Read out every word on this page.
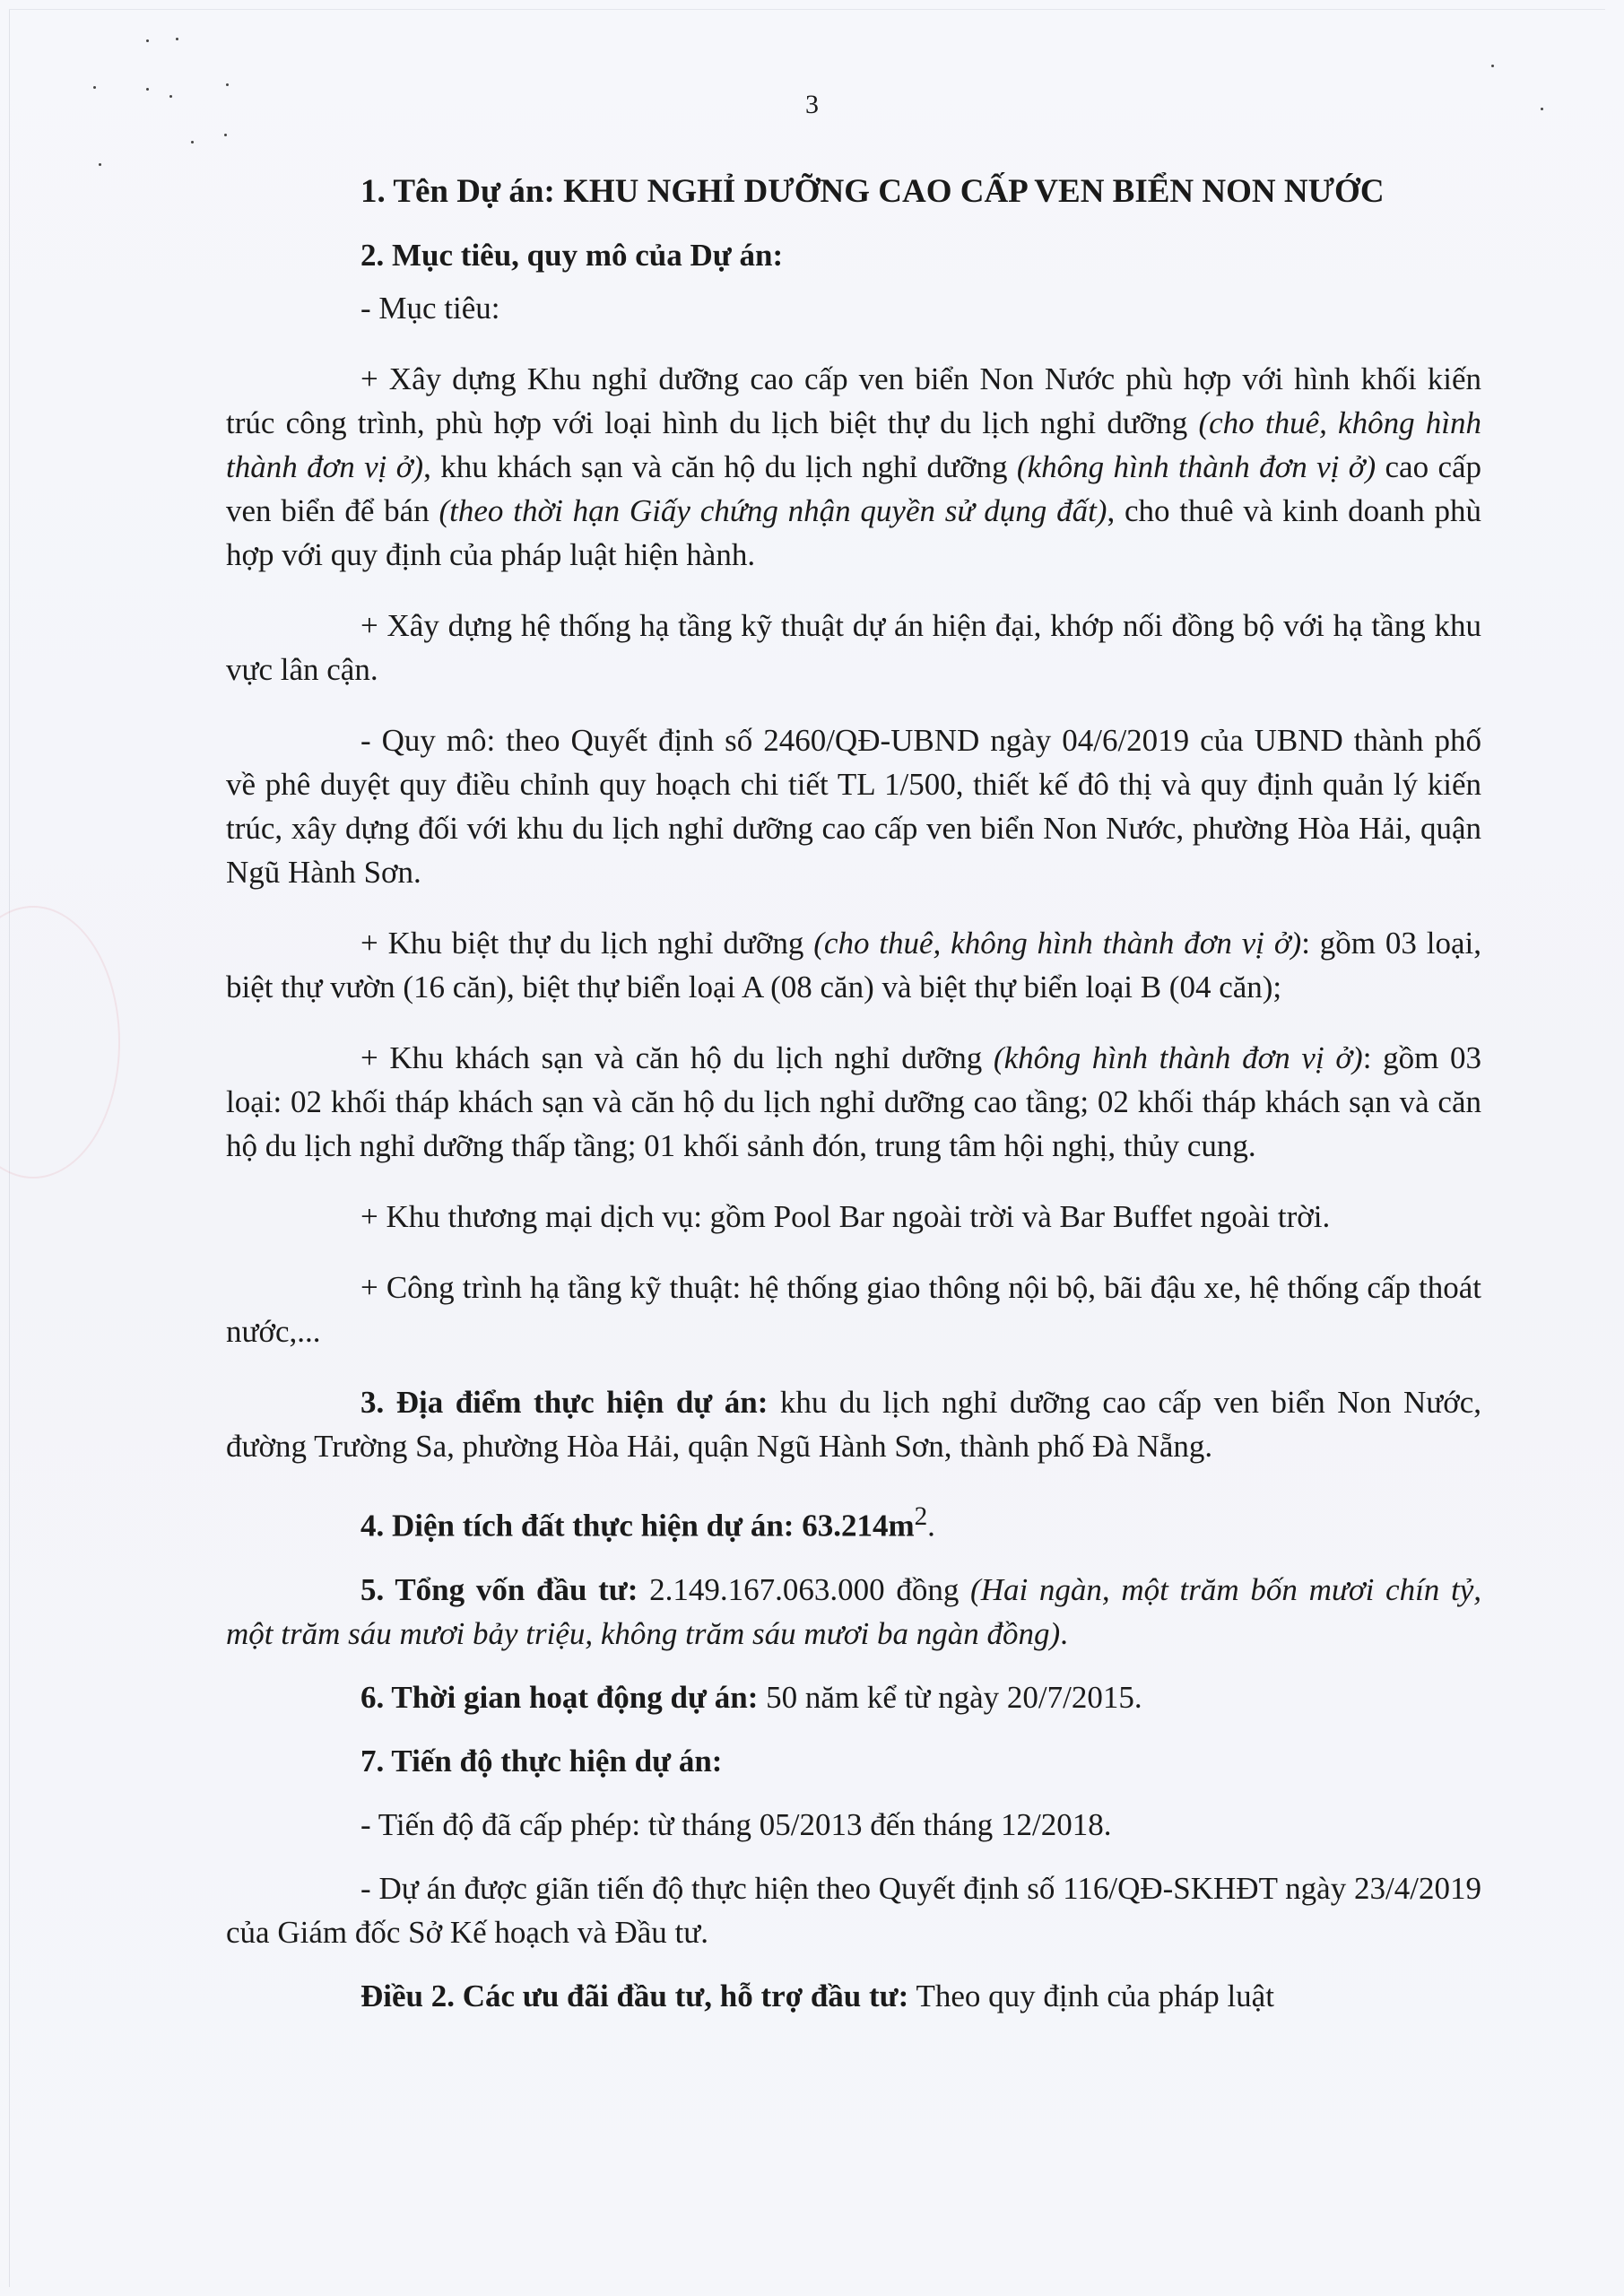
3

1. Tên Dự án: KHU NGHỈ DƯỠNG CAO CẤP VEN BIỂN NON NƯỚC

2. Mục tiêu, quy mô của Dự án:

- Mục tiêu:

+ Xây dựng Khu nghỉ dưỡng cao cấp ven biển Non Nước phù hợp với hình khối kiến trúc công trình, phù hợp với loại hình du lịch biệt thự du lịch nghỉ dưỡng (cho thuê, không hình thành đơn vị ở), khu khách sạn và căn hộ du lịch nghỉ dưỡng (không hình thành đơn vị ở) cao cấp ven biển để bán (theo thời hạn Giấy chứng nhận quyền sử dụng đất), cho thuê và kinh doanh phù hợp với quy định của pháp luật hiện hành.

+ Xây dựng hệ thống hạ tầng kỹ thuật dự án hiện đại, khớp nối đồng bộ với hạ tầng khu vực lân cận.

- Quy mô: theo Quyết định số 2460/QĐ-UBND ngày 04/6/2019 của UBND thành phố về phê duyệt quy điều chỉnh quy hoạch chi tiết TL 1/500, thiết kế đô thị và quy định quản lý kiến trúc, xây dựng đối với khu du lịch nghỉ dưỡng cao cấp ven biển Non Nước, phường Hòa Hải, quận Ngũ Hành Sơn.

+ Khu biệt thự du lịch nghỉ dưỡng (cho thuê, không hình thành đơn vị ở): gồm 03 loại, biệt thự vườn (16 căn), biệt thự biển loại A (08 căn) và biệt thự biển loại B (04 căn);

+ Khu khách sạn và căn hộ du lịch nghỉ dưỡng (không hình thành đơn vị ở): gồm 03 loại: 02 khối tháp khách sạn và căn hộ du lịch nghỉ dưỡng cao tầng; 02 khối tháp khách sạn và căn hộ du lịch nghỉ dưỡng thấp tầng; 01 khối sảnh đón, trung tâm hội nghị, thủy cung.

+ Khu thương mại dịch vụ: gồm Pool Bar ngoài trời và Bar Buffet ngoài trời.

+ Công trình hạ tầng kỹ thuật: hệ thống giao thông nội bộ, bãi đậu xe, hệ thống cấp thoát nước,...

3. Địa điểm thực hiện dự án: khu du lịch nghỉ dưỡng cao cấp ven biển Non Nước, đường Trường Sa, phường Hòa Hải, quận Ngũ Hành Sơn, thành phố Đà Nẵng.

4. Diện tích đất thực hiện dự án: $63.214m^2$.

5. Tổng vốn đầu tư: 2.149.167.063.000 đồng (Hai ngàn, một trăm bốn mươi chín tỷ, một trăm sáu mươi bảy triệu, không trăm sáu mươi ba ngàn đồng).

6. Thời gian hoạt động dự án: 50 năm kể từ ngày 20/7/2015.

7. Tiến độ thực hiện dự án:

- Tiến độ đã cấp phép: từ tháng 05/2013 đến tháng 12/2018.

- Dự án được giãn tiến độ thực hiện theo Quyết định số 116/QĐ-SKHĐT ngày 23/4/2019 của Giám đốc Sở Kế hoạch và Đầu tư.

Điều 2. Các ưu đãi đầu tư, hỗ trợ đầu tư: Theo quy định của pháp luật
